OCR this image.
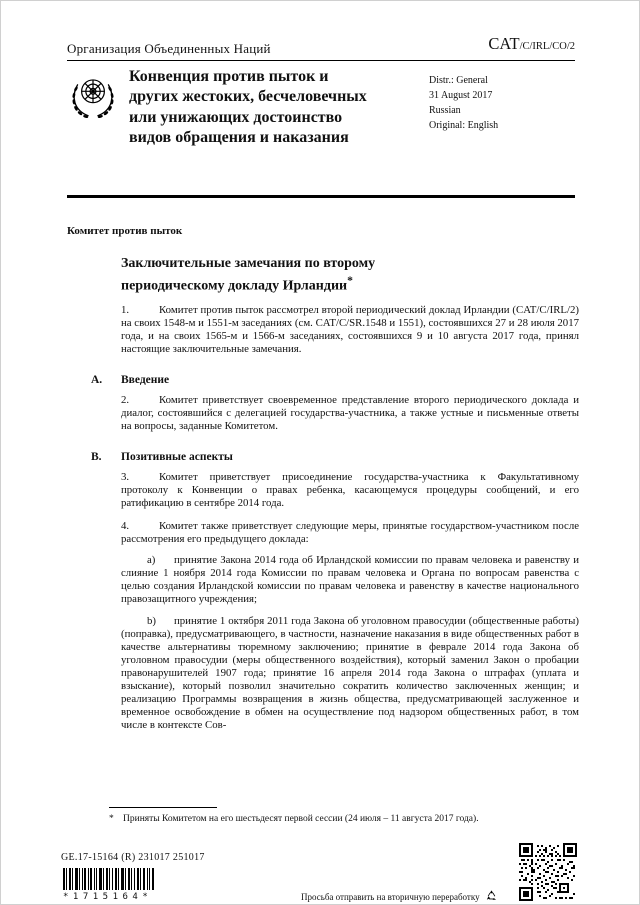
Организация Объединенных Наций	CAT/C/IRL/CO/2
Конвенция против пыток и
других жестоких, бесчеловечных
или унижающих достоинство
видов обращения и наказания
Distr.: General
31 August 2017
Russian
Original: English
Комитет против пыток
Заключительные замечания по второму периодическому докладу Ирландии*
1.	Комитет против пыток рассмотрел второй периодический доклад Ирландии (CAT/C/IRL/2) на своих 1548-м и 1551-м заседаниях (см. CAT/C/SR.1548 и 1551), состоявшихся 27 и 28 июля 2017 года, и на своих 1565-м и 1566-м заседаниях, состоявшихся 9 и 10 августа 2017 года, принял настоящие заключительные замечания.
A. Введение
2.	Комитет приветствует своевременное представление второго периодического доклада и диалог, состоявшийся с делегацией государства-участника, а также устные и письменные ответы на вопросы, заданные Комитетом.
B. Позитивные аспекты
3.	Комитет приветствует присоединение государства-участника к Факультативному протоколу к Конвенции о правах ребенка, касающемуся процедуры сообщений, и его ратификацию в сентябре 2014 года.
4.	Комитет также приветствует следующие меры, принятые государством-участником после рассмотрения его предыдущего доклада:
a) принятие Закона 2014 года об Ирландской комиссии по правам человека и равенству и слияние 1 ноября 2014 года Комиссии по правам человека и Органа по вопросам равенства с целью создания Ирландской комиссии по правам человека и равенству в качестве национального правозащитного учреждения;
b) принятие 1 октября 2011 года Закона об уголовном правосудии (общественные работы) (поправка), предусматривающего, в частности, назначение наказания в виде общественных работ в качестве альтернативы тюремному заключению; принятие в феврале 2014 года Закона об уголовном правосудии (меры общественного воздействия), который заменил Закон о пробации правонарушителей 1907 года; принятие 16 апреля 2014 года Закона о штрафах (уплата и взыскание), который позволил значительно сократить количество заключенных женщин; и реализацию Программы возвращения в жизнь общества, предусматривающей заслуженное и временное освобождение в обмен на осуществление под надзором общественных работ, в том числе в контексте Сов-
* Приняты Комитетом на его шестьдесят первой сессии (24 июля – 11 августа 2017 года).
GE.17-15164 (R) 231017 251017
*1715164*	Просьба отправить на вторичную переработку
